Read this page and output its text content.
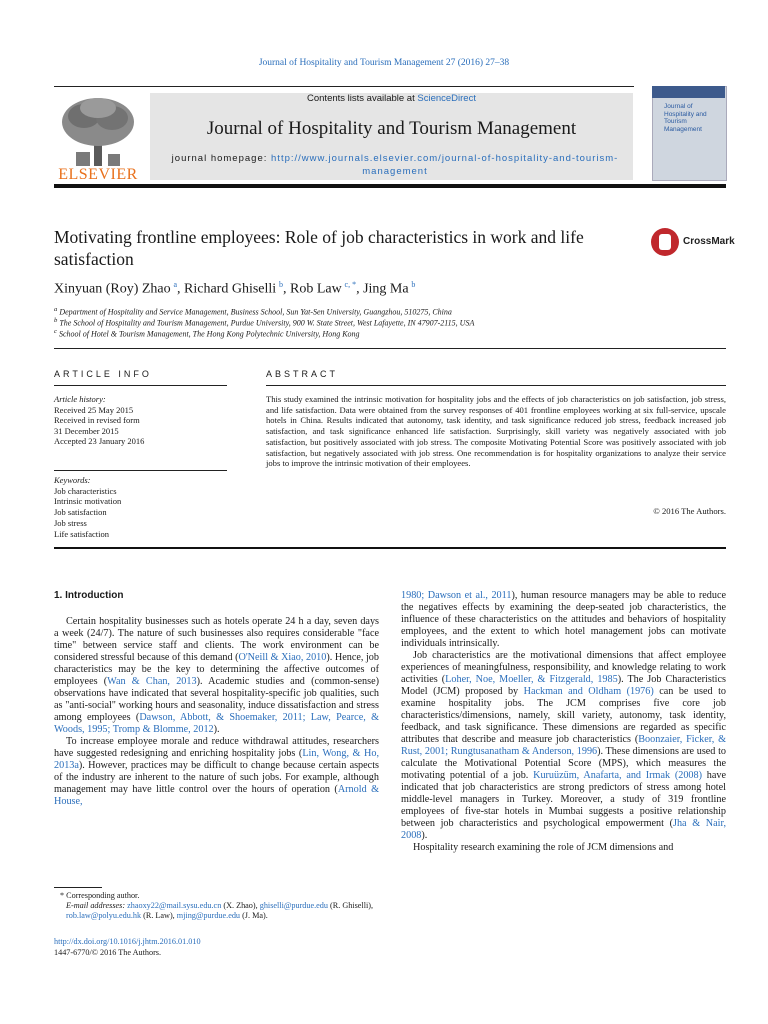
Journal of Hospitality and Tourism Management 27 (2016) 27–38
ELSEVIER
Contents lists available at ScienceDirect
Journal of Hospitality and Tourism Management
journal homepage: http://www.journals.elsevier.com/journal-of-hospitality-and-tourism-management
Journal of Hospitality and Tourism Management
Motivating frontline employees: Role of job characteristics in work and life satisfaction
CrossMark
Xinyuan (Roy) Zhao  $^a$, Richard Ghiselli  $^b$, Rob Law  $^{c, *}$, Jing Ma  $^b$
$^a$ Department of Hospitality and Service Management, Business School, Sun Yat-Sen University, Guangzhou, 510275, China
$^b$ The School of Hospitality and Tourism Management, Purdue University, 900 W. State Street, West Lafayette, IN 47907-2115, USA
$^c$ School of Hotel & Tourism Management, The Hong Kong Polytechnic University, Hong Kong
ARTICLE INFO
Article history:
Received 25 May 2015
Received in revised form
31 December 2015
Accepted 23 January 2016
Keywords:
Job characteristics
Intrinsic motivation
Job satisfaction
Job stress
Life satisfaction
ABSTRACT
This study examined the intrinsic motivation for hospitality jobs and the effects of job characteristics on job satisfaction, job stress, and life satisfaction. Data were obtained from the survey responses of 401 frontline employees working at six full-service, upscale hotels in China. Results indicated that autonomy, task identity, and task significance reduced job stress, feedback increased job satisfaction, and task significance enhanced life satisfaction. Surprisingly, skill variety was negatively associated with job satisfaction, but positively associated with job stress. The composite Motivating Potential Score was positively associated with job satisfaction, but negatively associated with job stress. One recommendation is for hospitality organizations to analyze their service jobs to improve the intrinsic motivation of their employees.
© 2016 The Authors.
1. Introduction

Certain hospitality businesses such as hotels operate 24 h a day, seven days a week (24/7). The nature of such businesses also requires considerable "face time" between service staff and clients. The work environment can be considered stressful because of this demand (O'Neill & Xiao, 2010). Hence, job characteristics may be the key to determining the affective outcomes of employees (Wan & Chan, 2013). Academic studies and (common-sense) observations have indicated that several hospitality-specific job qualities, such as "anti-social" working hours and seasonality, induce dissatisfaction and stress among employees (Dawson, Abbott, & Shoemaker, 2011; Law, Pearce, & Woods, 1995; Tromp & Blomme, 2012).

To increase employee morale and reduce withdrawal attitudes, researchers have suggested redesigning and enriching hospitality jobs (Lin, Wong, & Ho, 2013a). However, practices may be difficult to change because certain aspects of the industry are inherent to the nature of such jobs. For example, although management may have little control over the hours of operation (Arnold & House,

1980; Dawson et al., 2011), human resource managers may be able to reduce the negatives effects by examining the deep-seated job characteristics, the influence of these characteristics on the attitudes and behaviors of hospitality employees, and the extent to which hotel management jobs can motivate individuals intrinsically.

Job characteristics are the motivational dimensions that affect employee experiences of meaningfulness, responsibility, and knowledge relating to work activities (Loher, Noe, Moeller, & Fitzgerald, 1985). The Job Characteristics Model (JCM) proposed by Hackman and Oldham (1976) can be used to examine hospitality jobs. The JCM comprises five core job characteristics/dimensions, namely, skill variety, autonomy, task identity, feedback, and task significance. These dimensions are regarded as specific attributes that describe and measure job characteristics (Boonzaier, Ficker, & Rust, 2001; Rungtusanatham & Anderson, 1996). These dimensions are used to calculate the Motivational Potential Score (MPS), which measures the motivating potential of a job. Kuruüzüm, Anafarta, and Irmak (2008) have indicated that job characteristics are strong predictors of stress among hotel middle-level managers in Turkey. Moreover, a study of 319 frontline employees of five-star hotels in Mumbai suggests a positive relationship between job characteristics and psychological empowerment (Jha & Nair, 2008).

Hospitality research examining the role of JCM dimensions and

* Corresponding author.
E-mail addresses: zhaoxy22@mail.sysu.edu.cn (X. Zhao), ghiselli@purdue.edu (R. Ghiselli), rob.law@polyu.edu.hk (R. Law), mjing@purdue.edu (J. Ma).
http://dx.doi.org/10.1016/j.jhtm.2016.01.010
1447-6770/© 2016 The Authors.
